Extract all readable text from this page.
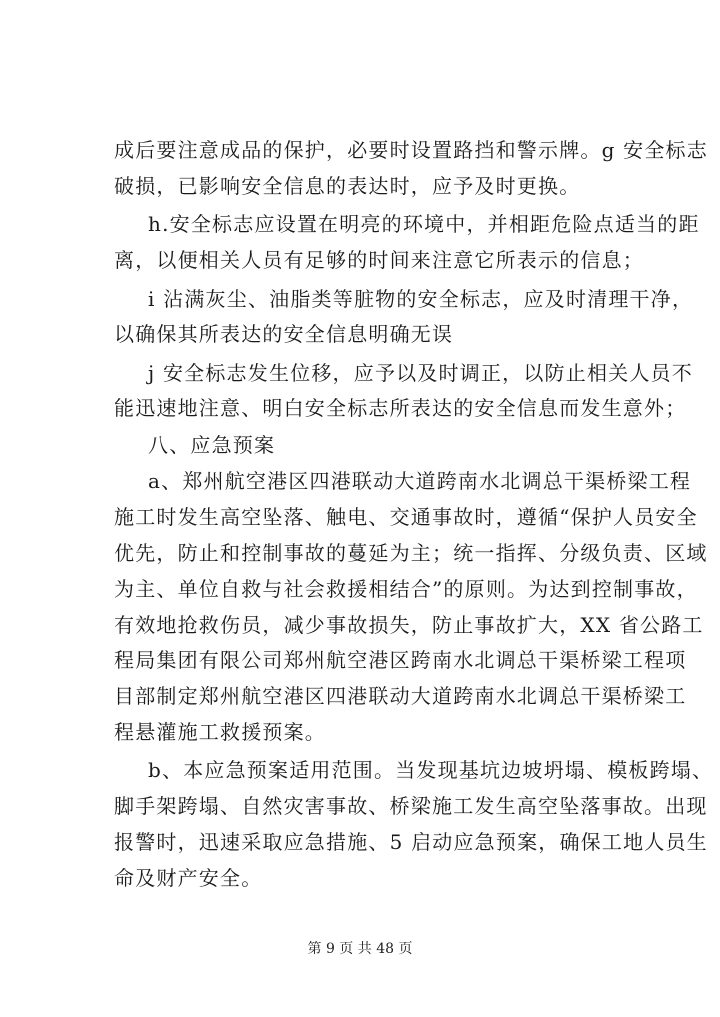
成后要注意成品的保护，必要时设置路挡和警示牌。g 安全标志
破损，已影响安全信息的表达时，应予及时更换。
h.安全标志应设置在明亮的环境中，并相距危险点适当的距
离，以便相关人员有足够的时间来注意它所表示的信息；
i 沾满灰尘、油脂类等脏物的安全标志，应及时清理干净，
以确保其所表达的安全信息明确无误
j 安全标志发生位移，应予以及时调正，以防止相关人员不
能迅速地注意、明白安全标志所表达的安全信息而发生意外；
八、应急预案
a、郑州航空港区四港联动大道跨南水北调总干渠桥梁工程
施工时发生高空坠落、触电、交通事故时，遵循“保护人员安全
优先，防止和控制事故的蔓延为主；统一指挥、分级负责、区域
为主、单位自救与社会救援相结合”的原则。为达到控制事故，
有效地抢救伤员，减少事故损失，防止事故扩大，XX 省公路工
程局集团有限公司郑州航空港区跨南水北调总干渠桥梁工程项
目部制定郑州航空港区四港联动大道跨南水北调总干渠桥梁工
程悬灌施工救援预案。
b、本应急预案适用范围。当发现基坑边坡坍塌、模板跨塌、
脚手架跨塌、自然灾害事故、桥梁施工发生高空坠落事故。出现
报警时，迅速采取应急措施、5 启动应急预案，确保工地人员生
命及财产安全。
第 9 页 共 48 页
